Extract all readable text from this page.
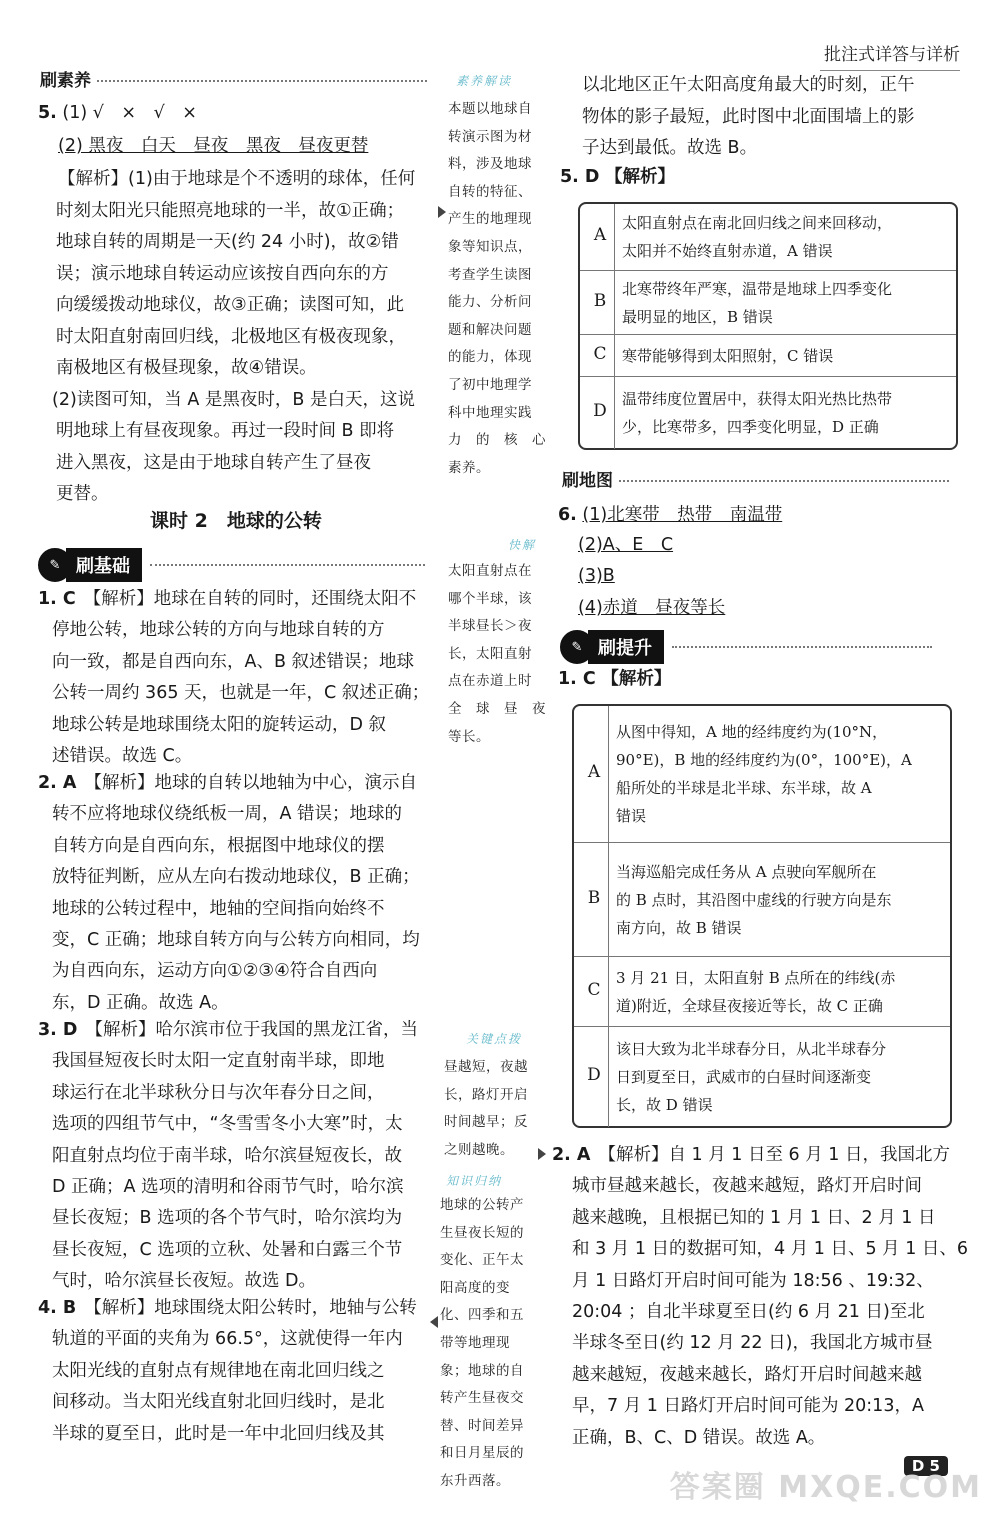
批注式详答与详析
刷素养
5. (1) √　×　√　×
(2) 黑夜　白天　昼夜　黑夜　昼夜更替
【解析】(1)由于地球是个不透明的球体，任何
时刻太阳光只能照亮地球的一半，故①正确；
地球自转的周期是一天(约 24 小时)，故②错
误；演示地球自转运动应该按自西向东的方
向缓缓拨动地球仪，故③正确；读图可知，此
时太阳直射南回归线，北极地区有极夜现象，
南极地区有极昼现象，故④错误。
(2)读图可知，当 A 是黑夜时，B 是白天，这说
明地球上有昼夜现象。再过一段时间 B 即将
进入黑夜，这是由于地球自转产生了昼夜
更替。
课时 2　地球的公转
✎ 刷基础
1. C 【解析】地球在自转的同时，还围绕太阳不
停地公转，地球公转的方向与地球自转的方
向一致，都是自西向东，A、B 叙述错误；地球
公转一周约 365 天，也就是一年，C 叙述正确；
地球公转是地球围绕太阳的旋转运动，D 叙
述错误。故选 C。
2. A 【解析】地球的自转以地轴为中心，演示自
转不应将地球仪绕纸板一周，A 错误；地球的
自转方向是自西向东，根据图中地球仪的摆
放特征判断，应从左向右拨动地球仪，B 正确；
地球的公转过程中，地轴的空间指向始终不
变，C 正确；地球自转方向与公转方向相同，均
为自西向东，运动方向①②③④符合自西向
东，D 正确。故选 A。
3. D 【解析】哈尔滨市位于我国的黑龙江省，当
我国昼短夜长时太阳一定直射南半球，即地
球运行在北半球秋分日与次年春分日之间，
选项的四组节气中，“冬雪雪冬小大寒”时，太
阳直射点均位于南半球，哈尔滨昼短夜长，故
D 正确；A 选项的清明和谷雨节气时，哈尔滨
昼长夜短；B 选项的各个节气时，哈尔滨均为
昼长夜短，C 选项的立秋、处暑和白露三个节
气时，哈尔滨昼长夜短。故选 D。
4. B 【解析】地球围绕太阳公转时，地轴与公转
轨道的平面的夹角为 66.5°，这就使得一年内
太阳光线的直射点有规律地在南北回归线之
间移动。当太阳光线直射北回归线时，是北
半球的夏至日，此时是一年中北回归线及其
素养解读
本题以地球自
转演示图为材
料，涉及地球
自转的特征、
产生的地理现
象等知识点，
考查学生读图
能力、分析问
题和解决问题
的能力，体现
了初中地理学
科中地理实践
力　的　核　心
素养。
快解
太阳直射点在
哪个半球，该
半球昼长＞夜
长，太阳直射
点在赤道上时
全　球　昼　夜
等长。
关键点拨
昼越短，夜越
长，路灯开启
时间越早；反
之则越晚。
知识归纳
地球的公转产
生昼夜长短的
变化、正午太
阳高度的变
化、四季和五
带等地理现
象；地球的自
转产生昼夜交
替、时间差异
和日月星辰的
东升西落。
以北地区正午太阳高度角最大的时刻，正午
物体的影子最短，此时图中北面围墙上的影
子达到最低。故选 B。
5. D 【解析】
A
太阳直射点在南北回归线之间来回移动，
太阳并不始终直射赤道，A 错误
B
北寒带终年严寒，温带是地球上四季变化
最明显的地区，B 错误
C	寒带能够得到太阳照射，C 错误
D
温带纬度位置居中，获得太阳光热比热带
少，比寒带多，四季变化明显，D 正确
刷地图
6. (1)北寒带　热带　南温带
(2)A、E　C
(3)B
(4)赤道　昼夜等长
✎ 刷提升
1. C 【解析】
A
从图中得知，A 地的经纬度约为(10°N，
90°E)，B 地的经纬度约为(0°，100°E)，A
船所处的半球是北半球、东半球，故 A
错误
B
当海巡船完成任务从 A 点驶向军舰所在
的 B 点时，其沿图中虚线的行驶方向是东
南方向，故 B 错误
C
3 月 21 日，太阳直射 B 点所在的纬线(赤
道)附近，全球昼夜接近等长，故 C 正确
D
该日大致为北半球春分日，从北半球春分
日到夏至日，武威市的白昼时间逐渐变
长，故 D 错误
2. A 【解析】自 1 月 1 日至 6 月 1 日，我国北方
城市昼越来越长，夜越来越短，路灯开启时间
越来越晚，且根据已知的 1 月 1 日、2 月 1 日
和 3 月 1 日的数据可知，4 月 1 日、5 月 1 日、6
月 1 日路灯开启时间可能为 18:56 、19:32、
20:04 ；自北半球夏至日(约 6 月 21 日)至北
半球冬至日(约 12 月 22 日)，我国北方城市昼
越来越短，夜越来越长，路灯开启时间越来越
早，7 月 1 日路灯开启时间可能为 20:13，A
正确，B、C、D 错误。故选 A。
D 5
答案圈 MXQE.COM
